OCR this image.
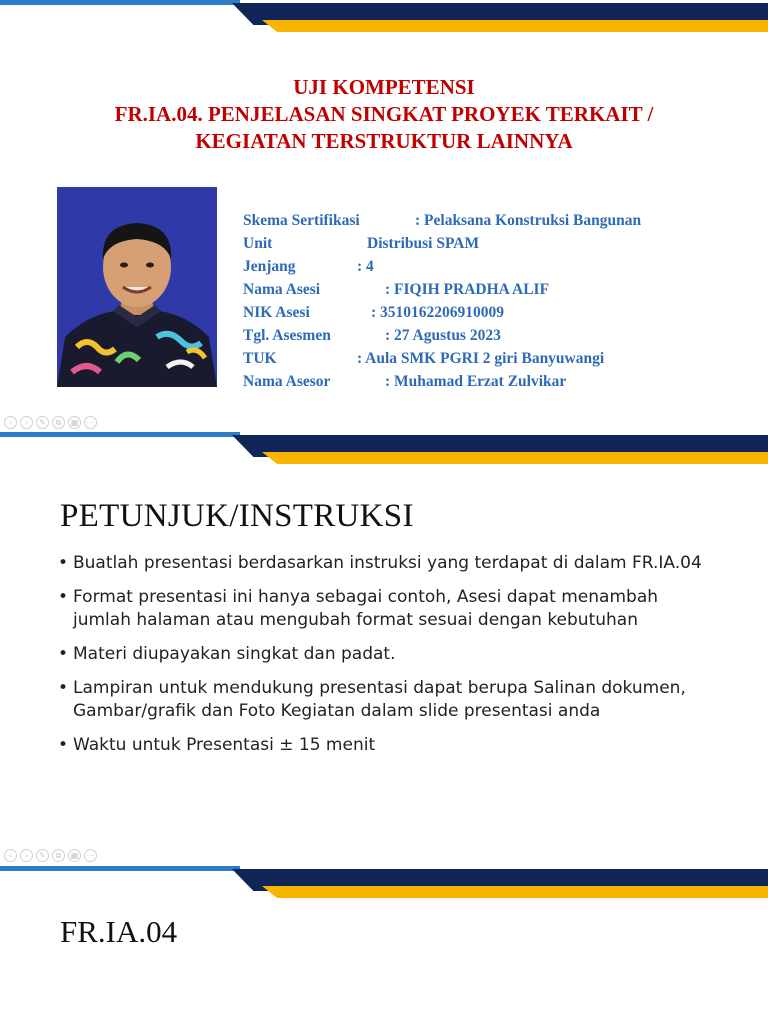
UJI KOMPETENSI
FR.IA.04. PENJELASAN SINGKAT PROYEK TERKAIT /
KEGIATAN TERSTRUKTUR LAINNYA
Skema Sertifikasi	: Pelaksana Konstruksi Bangunan
Unit	Distribusi SPAM
Jenjang	: 4
Nama Asesi	: FIQIH PRADHA ALIF
NIK Asesi	: 3510162206910009
Tgl. Asesmen	: 27 Agustus 2023
TUK	: Aula SMK PGRI 2 giri Banyuwangi
Nama Asesor	: Muhamad Erzat Zulvikar
‹	›	✎	⧉	▦	⋯
PETUNJUK/INSTRUKSI
• Buatlah presentasi berdasarkan instruksi yang terdapat di dalam FR.IA.04
• Format presentasi ini hanya sebagai contoh, Asesi dapat menambah jumlah halaman atau mengubah format sesuai dengan kebutuhan
• Materi diupayakan singkat dan padat.
• Lampiran untuk mendukung presentasi dapat berupa Salinan dokumen, Gambar/grafik dan Foto Kegiatan dalam slide presentasi anda
• Waktu untuk Presentasi ± 15 menit
‹	›	✎	⧉	▦	⋯
FR.IA.04
